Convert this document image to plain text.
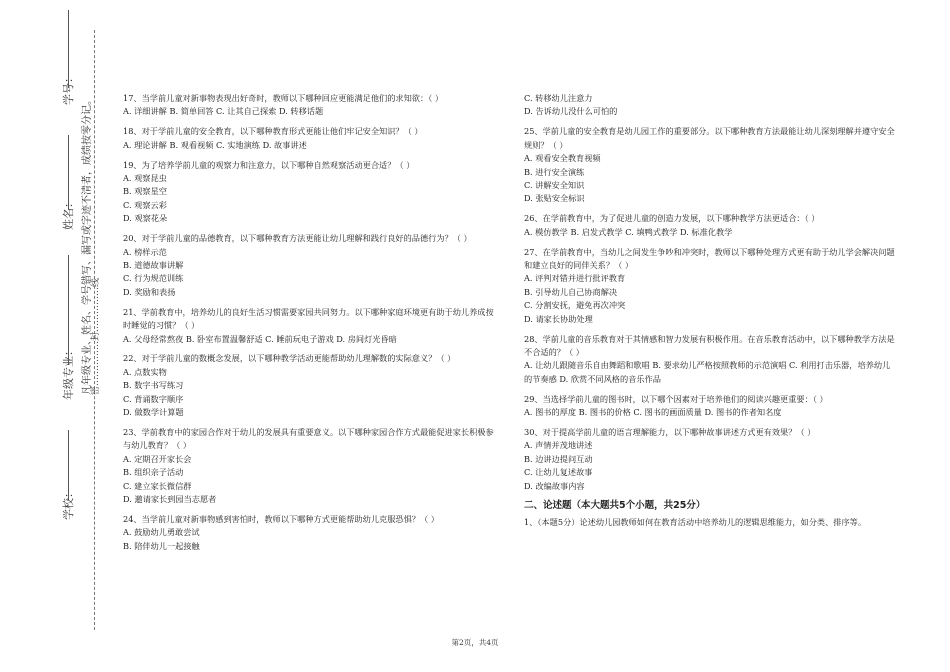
学号：
姓名：
年级专业：
学校：
凡年级专业、姓名、学号错写、漏写或字迹不清者，成绩按零分记。
密……………封……………线
17、当学前儿童对新事物表现出好奇时，教师以下哪种回应更能满足他们的求知欲：（ ）
A. 详细讲解 B. 简单回答 C. 让其自己探索 D. 转移话题
18、对于学前儿童的安全教育，以下哪种教育形式更能让他们牢记安全知识？（ ）
A. 理论讲解 B. 观看视频 C. 实地演练 D. 故事讲述
19、为了培养学前儿童的观察力和注意力，以下哪种自然观察活动更合适？（ ）
A. 观察昆虫
B. 观察星空
C. 观察云彩
D. 观察花朵
20、对于学前儿童的品德教育，以下哪种教育方法更能让幼儿理解和践行良好的品德行为？（ ）
A. 榜样示范
B. 道德故事讲解
C. 行为规范训练
D. 奖励和表扬
21、学前教育中，培养幼儿的良好生活习惯需要家园共同努力。以下哪种家庭环境更有助于幼儿养成按时睡觉的习惯？（ ）
A. 父母经常熬夜 B. 卧室布置温馨舒适 C. 睡前玩电子游戏 D. 房间灯光昏暗
22、对于学前儿童的数概念发展，以下哪种教学活动更能帮助幼儿理解数的实际意义？（ ）
A. 点数实物
B. 数字书写练习
C. 背诵数字顺序
D. 做数学计算题
23、学前教育中的家园合作对于幼儿的发展具有重要意义。以下哪种家园合作方式最能促进家长积极参与幼儿教育？（ ）
A. 定期召开家长会
B. 组织亲子活动
C. 建立家长微信群
D. 邀请家长到园当志愿者
24、当学前儿童对新事物感到害怕时，教师以下哪种方式更能帮助幼儿克服恐惧？（ ）
A. 鼓励幼儿勇敢尝试
B. 陪伴幼儿一起接触
C. 转移幼儿注意力
D. 告诉幼儿没什么可怕的
25、学前儿童的安全教育是幼儿园工作的重要部分。以下哪种教育方法最能让幼儿深刻理解并遵守安全规则？（ ）
A. 观看安全教育视频
B. 进行安全演练
C. 讲解安全知识
D. 张贴安全标识
26、在学前教育中，为了促进儿童的创造力发展，以下哪种教学方法更适合：（ ）
A. 模仿教学 B. 启发式教学 C. 填鸭式教学 D. 标准化教学
27、在学前教育中，当幼儿之间发生争吵和冲突时，教师以下哪种处理方式更有助于幼儿学会解决问题和建立良好的同伴关系？（ ）
A. 评判对错并进行批评教育
B. 引导幼儿自己协商解决
C. 分割安抚，避免再次冲突
D. 请家长协助处理
28、学前儿童的音乐教育对于其情感和智力发展有积极作用。在音乐教育活动中，以下哪种教学方法是不合适的？（ ）
A. 让幼儿跟随音乐自由舞蹈和歌唱 B. 要求幼儿严格按照教师的示范演唱 C. 利用打击乐器，培养幼儿的节奏感 D. 欣赏不同风格的音乐作品
29、当选择学前儿童的图书时，以下哪个因素对于培养他们的阅读兴趣更重要：（ ）
A. 图书的厚度 B. 图书的价格 C. 图书的画面质量 D. 图书的作者知名度
30、对于提高学前儿童的语言理解能力，以下哪种故事讲述方式更有效果？（ ）
A. 声情并茂地讲述
B. 边讲边提问互动
C. 让幼儿复述故事
D. 改编故事内容
二、论述题（本大题共5个小题，共25分）
1、（本题5分）论述幼儿园教师如何在教育活动中培养幼儿的逻辑思维能力，如分类、排序等。
第2页，共4页
